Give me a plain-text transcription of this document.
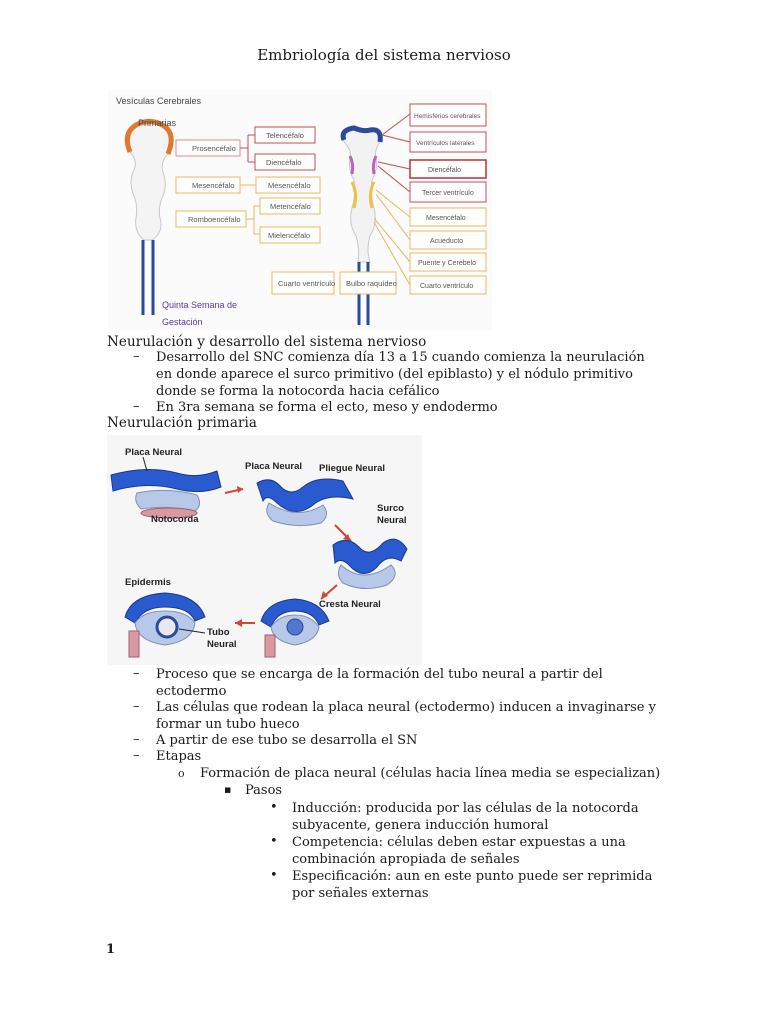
Embriología del sistema nervioso
Vesículas Cerebrales
Primarias
Quinta Semana de
Gestación
Prosencéfalo
Mesencéfalo
Romboencéfalo
Telencéfalo
Diencéfalo
Mesencéfalo
Metencéfalo
Mielencéfalo
Cuarto ventrículo Bulbo raquídeo
Hemisferios cerebrales
Ventrículos laterales
Diencéfalo
Tercer ventrículo
Mesencéfalo
Acueducto
Puente y Cerebelo
Cuarto ventrículo
Neurulación y desarrollo del sistema nervioso
– Desarrollo del SNC comienza día 13 a 15 cuando comienza la neurulación
en donde aparece el surco primitivo (del epiblasto) y el nódulo primitivo
donde se forma la notocorda hacia cefálico
– En 3ra semana se forma el ecto, meso y endodermo
Neurulación primaria
Placa Neural
Notocorda
Placa Neural Pliegue Neural
Surco
Neural
Cresta Neural
Epidermis
Tubo
Neural
– Proceso que se encarga de la formación del tubo neural a partir del
ectodermo
– Las células que rodean la placa neural (ectodermo) inducen a invaginarse y
formar un tubo hueco
– A partir de ese tubo se desarrolla el SN
– Etapas
o Formación de placa neural (células hacia línea media se especializan)
▪ Pasos
• Inducción: producida por las células de la notocorda
subyacente, genera inducción humoral
• Competencia: células deben estar expuestas a una
combinación apropiada de señales
• Especificación: aun en este punto puede ser reprimida
por señales externas
1
